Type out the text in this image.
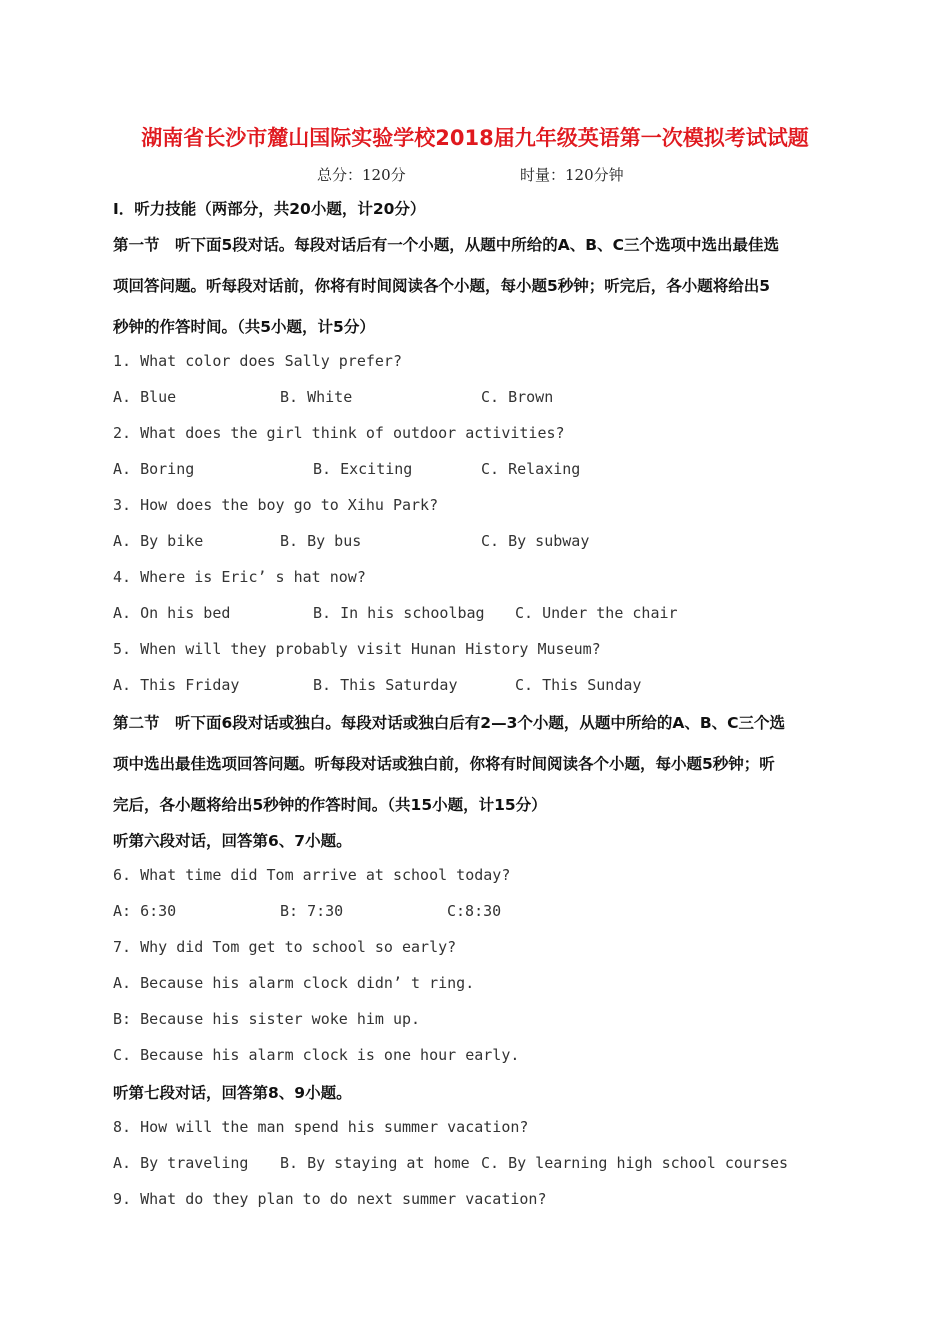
湖南省长沙市麓山国际实验学校2018届九年级英语第一次模拟考试试题
总分：120分	时量：120分钟
Ⅰ．听力技能（两部分，共20小题，计20分）
第一节　听下面5段对话。每段对话后有一个小题，从题中所给的A、B、C三个选项中选出最佳选
项回答问题。听每段对话前，你将有时间阅读各个小题，每小题5秒钟；听完后，各小题将给出5
秒钟的作答时间。（共5小题，计5分）
1. What color does Sally prefer?
A. Blue	B. White	C. Brown
2. What does the girl think of outdoor activities?
A. Boring	B. Exciting	C. Relaxing
3. How does the boy go to Xihu Park?
A. By bike	B. By bus	C. By subway
4. Where is Eric’ s hat now?
A. On his bed	B. In his schoolbag C. Under the chair
5. When will they probably visit Hunan History Museum?
A. This Friday	B. This Saturday	C. This Sunday
第二节　听下面6段对话或独白。每段对话或独白后有2—3个小题，从题中所给的A、B、C三个选
项中选出最佳选项回答问题。听每段对话或独白前，你将有时间阅读各个小题，每小题5秒钟；听
完后，各小题将给出5秒钟的作答时间。（共15小题，计15分）
听第六段对话，回答第6、7小题。
6. What time did Tom arrive at school today?
A: 6:30	B: 7:30	C:8:30
7. Why did Tom get to school so early?
A. Because his alarm clock didn’ t ring.
B: Because his sister woke him up.
C. Because his alarm clock is one hour early.
听第七段对话，回答第8、9小题。
8. How will the man spend his summer vacation?
A. By traveling B. By staying at home C. By learning high school courses
9. What do they plan to do next summer vacation?
